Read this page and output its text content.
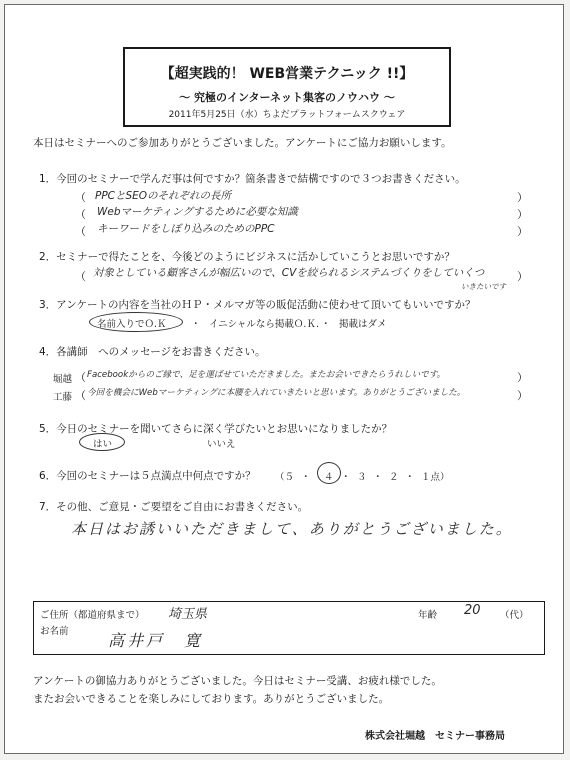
【超実践的！ WEB営業テクニック !!】
～ 究極のインターネット集客のノウハウ ～
2011年5月25日（水）ちよだプラットフォームスクウェア
本日はセミナーへのご参加ありがとうございました。アンケートにご協力お願いします。
1．今回のセミナーで学んだ事は何ですか？箇条書きで結構ですので３つお書きください。
（ PPCとSEOのそれぞれの長所	）
（ Webマーケティングするために必要な知識	）
（ キーワードをしぼり込みのためのPPC	）
2．セミナーで得たことを、今後どのようにビジネスに活かしていこうとお思いですか？
（ 対象としている顧客さんが幅広いので、CVを絞られるシステムづくりをしていくつ	）
いきたいです
3．アンケートの内容を当社のＨＰ・メルマガ等の販促活動に使わせて頂いてもいいですか？
名前入りでＯ.Ｋ	・ イニシャルなら掲載Ｏ.Ｋ. ・ 掲載はダメ
4．各講師　へのメッセージをお書きください。
堀越 （ Facebookからのご縁で、足を運ばせていただきました。またお会いできたらうれしいです。	）
工藤 （ 今回を機会にWebマーケティングに本腰を入れていきたいと思います。ありがとうございました。	）
5．今日のセミナーを聞いてさらに深く学びたいとお思いになりましたか？
はい	いいえ
6．今回のセミナーは５点満点中何点ですか？ （５ ・ ４ ・ ３ ・ ２ ・ １点）
7．その他、ご意見・ご要望をご自由にお書きください。
本日はお誘いいただきまして、ありがとうございました。
ご住所（都道府県まで） 埼玉県	年齢 20 （代）
お名前 高井戸　寛
アンケートの御協力ありがとうございました。今日はセミナー受講、お疲れ様でした。
またお会いできることを楽しみにしております。ありがとうございました。
株式会社堀越　セミナー事務局
